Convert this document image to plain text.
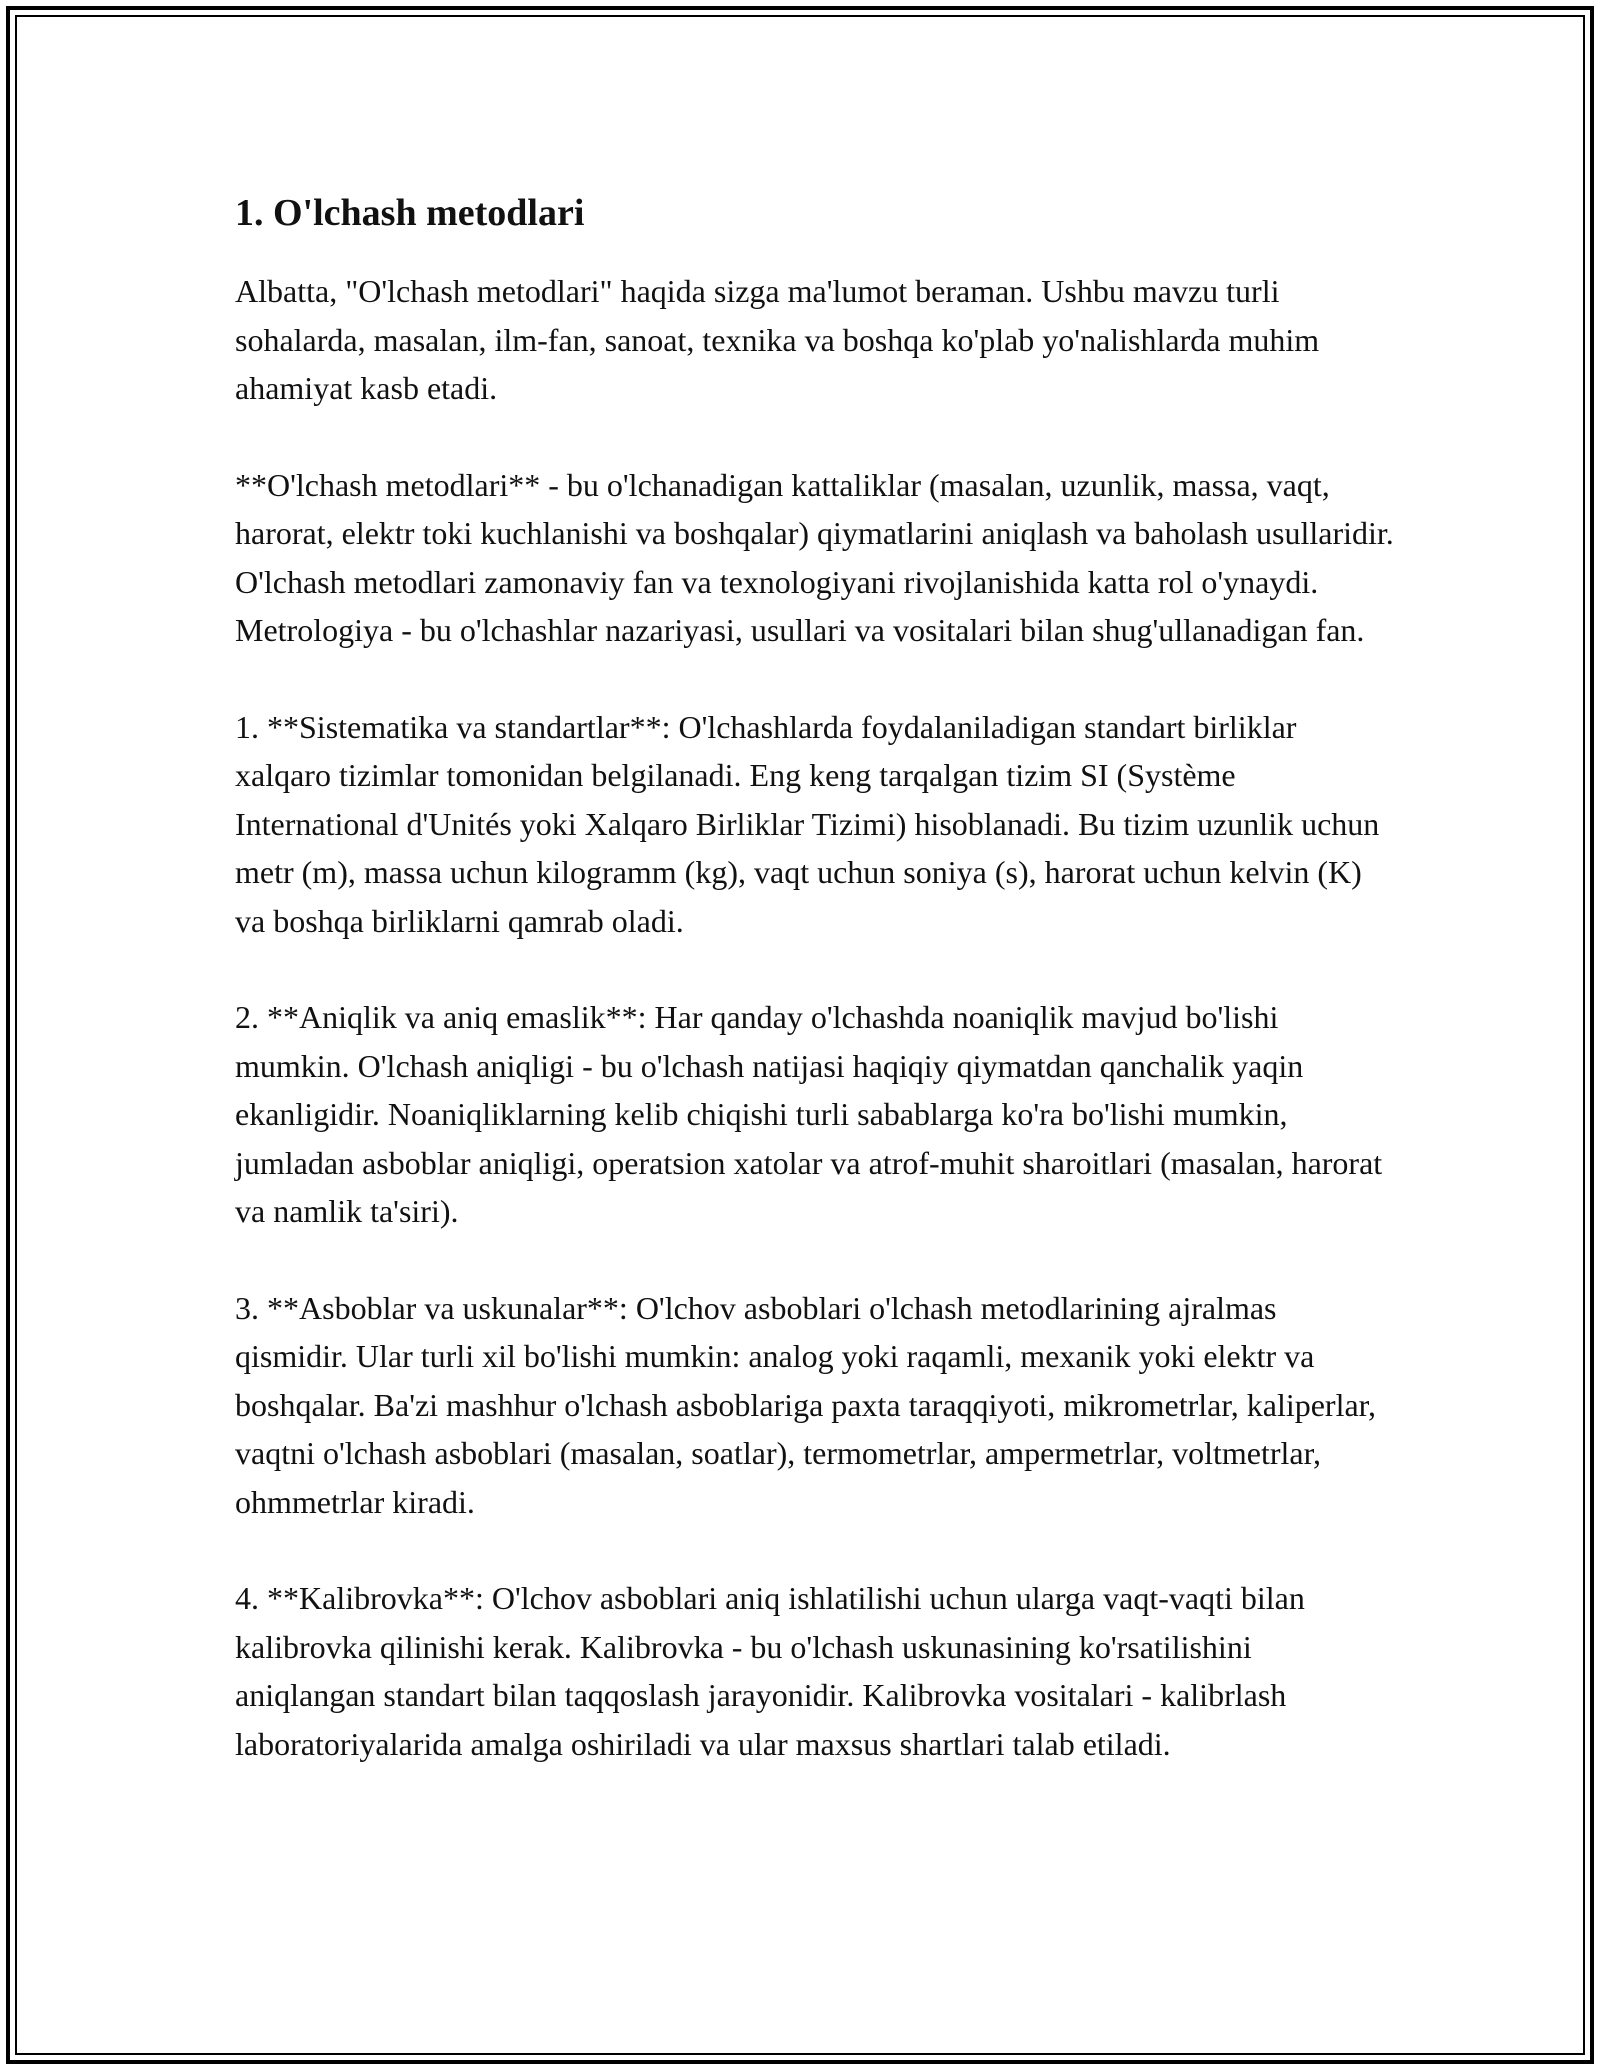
1. O'lchash metodlari

Albatta, "O'lchash metodlari" haqida sizga ma'lumot beraman. Ushbu mavzu turli sohalarda, masalan, ilm-fan, sanoat, texnika va boshqa ko'plab yo'nalishlarda muhim ahamiyat kasb etadi.

**O'lchash metodlari** - bu o'lchanadigan kattaliklar (masalan, uzunlik, massa, vaqt, harorat, elektr toki kuchlanishi va boshqalar) qiymatlarini aniqlash va baholash usullaridir. O'lchash metodlari zamonaviy fan va texnologiyani rivojlanishida katta rol o'ynaydi. Metrologiya - bu o'lchashlar nazariyasi, usullari va vositalari bilan shug'ullanadigan fan.

1. **Sistematika va standartlar**: O'lchashlarda foydalaniladigan standart birliklar xalqaro tizimlar tomonidan belgilanadi. Eng keng tarqalgan tizim SI (Système International d'Unités yoki Xalqaro Birliklar Tizimi) hisoblanadi. Bu tizim uzunlik uchun metr (m), massa uchun kilogramm (kg), vaqt uchun soniya (s), harorat uchun kelvin (K) va boshqa birliklarni qamrab oladi.

2. **Aniqlik va aniq emaslik**: Har qanday o'lchashda noaniqlik mavjud bo'lishi mumkin. O'lchash aniqligi - bu o'lchash natijasi haqiqiy qiymatdan qanchalik yaqin ekanligidir. Noaniqliklarning kelib chiqishi turli sabablarga ko'ra bo'lishi mumkin, jumladan asboblar aniqligi, operatsion xatolar va atrof-muhit sharoitlari (masalan, harorat va namlik ta'siri).

3. **Asboblar va uskunalar**: O'lchov asboblari o'lchash metodlarining ajralmas qismidir. Ular turli xil bo'lishi mumkin: analog yoki raqamli, mexanik yoki elektr va boshqalar. Ba'zi mashhur o'lchash asboblariga paxta taraqqiyoti, mikrometrlar, kaliperlar, vaqtni o'lchash asboblari (masalan, soatlar), termometrlar, ampermetrlar, voltmetrlar, ohmmetrlar kiradi.

4. **Kalibrovka**: O'lchov asboblari aniq ishlatilishi uchun ularga vaqt-vaqti bilan kalibrovka qilinishi kerak. Kalibrovka - bu o'lchash uskunasining ko'rsatilishini aniqlangan standart bilan taqqoslash jarayonidir. Kalibrovka vositalari - kalibrlash laboratoriyalarida amalga oshiriladi va ular maxsus shartlari talab etiladi.
